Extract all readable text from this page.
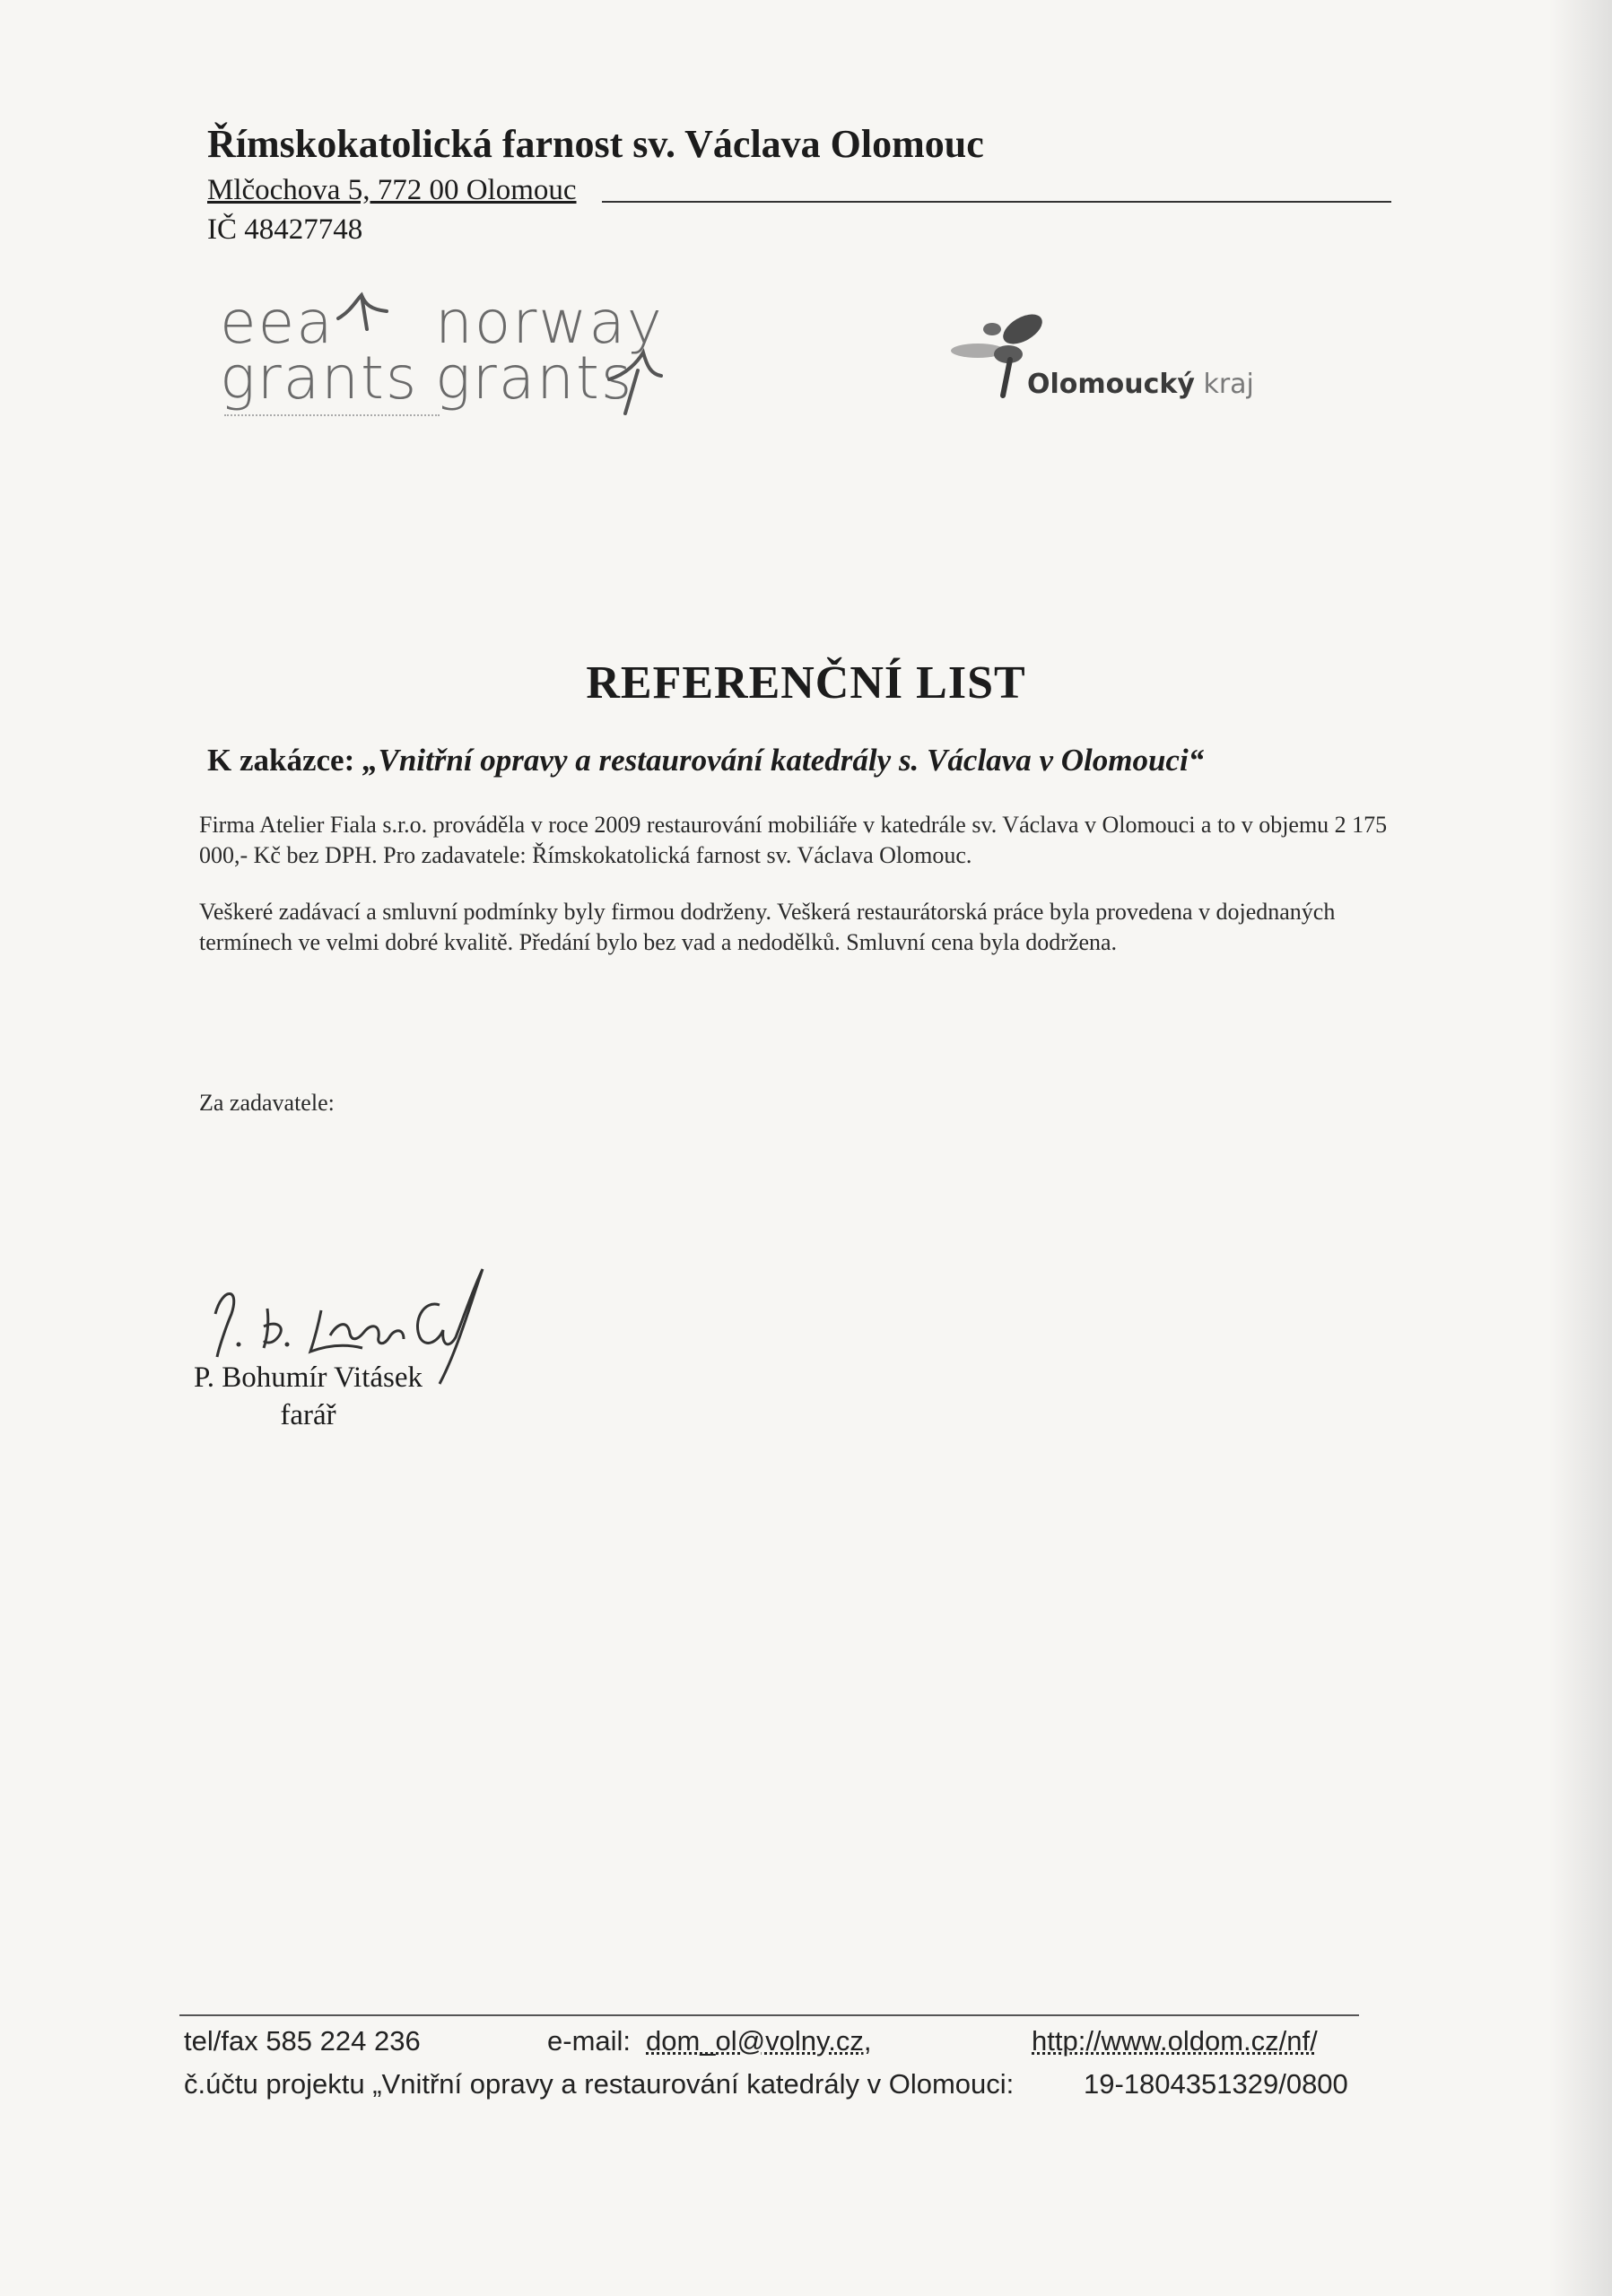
Římskokatolická farnost sv. Václava Olomouc

Mlčochova 5, 772 00 Olomouc
IČ 48427748
eea
grants
norway
grants	Olomoucký kraj
REFERENČNÍ LIST
K zakázce: „Vnitřní opravy a restaurování katedrály s. Václava v Olomouci“
Firma Atelier Fiala s.r.o. prováděla v roce 2009 restaurování mobiliáře v katedrále sv. Václava v Olomouci a to v objemu 2 175 000,- Kč bez DPH. Pro zadavatele: Římskokatolická farnost sv. Václava Olomouc.
Veškeré zadávací a smluvní podmínky byly firmou dodrženy. Veškerá restaurátorská práce byla provedena v dojednaných termínech ve velmi dobré kvalitě. Předání bylo bez vad a nedodělků. Smluvní cena byla dodržena.
Za zadavatele:
P. Bohumír Vitásek
farář
tel/fax 585 224 236	e-mail: dom_ol@volny.cz,	http://www.oldom.cz/nf/
č.účtu projektu „Vnitřní opravy a restaurování katedrály v Olomouci:	19-1804351329/0800
